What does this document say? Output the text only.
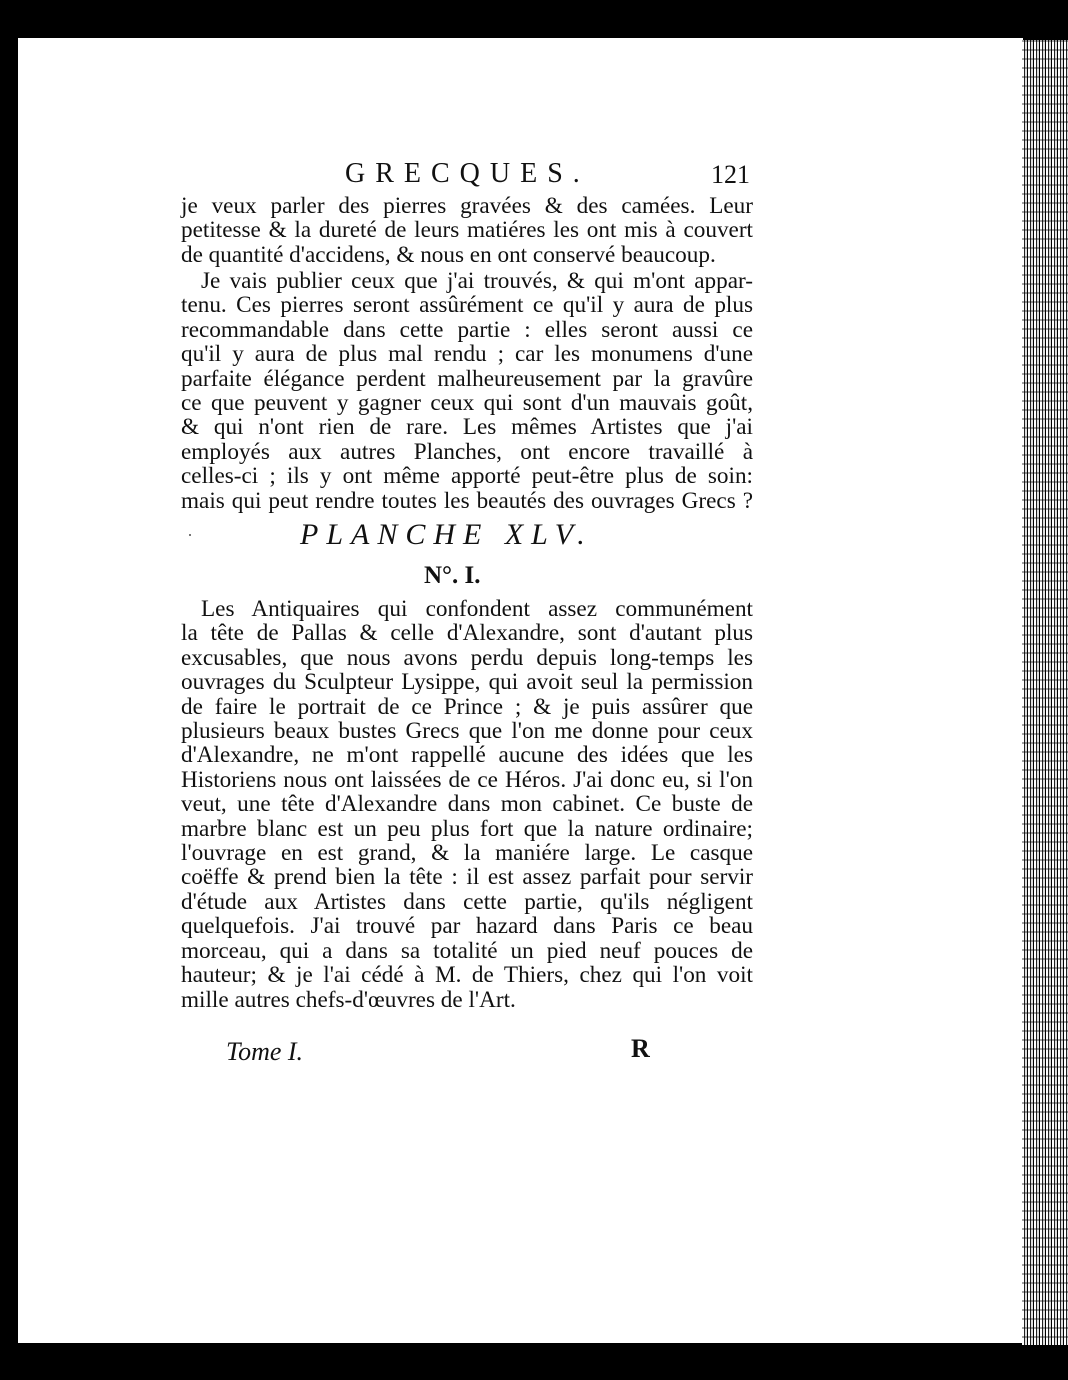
GRECQUES.	121
je veux parler des pierres gravées & des camées. Leur
petitesse & la dureté de leurs matiéres les ont mis à couvert
de quantité d'accidens, & nous en ont conservé beaucoup.
Je vais publier ceux que j'ai trouvés, & qui m'ont appar-
tenu. Ces pierres seront assûrément ce qu'il y aura de plus
recommandable dans cette partie : elles seront aussi ce
qu'il y aura de plus mal rendu ; car les monumens d'une
parfaite élégance perdent malheureusement par la gravûre
ce que peuvent y gagner ceux qui sont d'un mauvais goût,
& qui n'ont rien de rare. Les mêmes Artistes que j'ai
employés aux autres Planches, ont encore travaillé à
celles-ci ; ils y ont même apporté peut-être plus de soin:
mais qui peut rendre toutes les beautés des ouvrages Grecs ?
PLANCHE XLV.
N°. I.
Les Antiquaires qui confondent assez communément
la tête de Pallas & celle d'Alexandre, sont d'autant plus
excusables, que nous avons perdu depuis long-temps les
ouvrages du Sculpteur Lysippe, qui avoit seul la permission
de faire le portrait de ce Prince ; & je puis assûrer que
plusieurs beaux bustes Grecs que l'on me donne pour ceux
d'Alexandre, ne m'ont rappellé aucune des idées que les
Historiens nous ont laissées de ce Héros. J'ai donc eu, si l'on
veut, une tête d'Alexandre dans mon cabinet. Ce buste de
marbre blanc est un peu plus fort que la nature ordinaire;
l'ouvrage en est grand, & la maniére large. Le casque
coëffe & prend bien la tête : il est assez parfait pour servir
d'étude aux Artistes dans cette partie, qu'ils négligent
quelquefois. J'ai trouvé par hazard dans Paris ce beau
morceau, qui a dans sa totalité un pied neuf pouces de
hauteur; & je l'ai cédé à M. de Thiers, chez qui l'on voit
mille autres chefs-d'œuvres de l'Art.
Tome I.	R
